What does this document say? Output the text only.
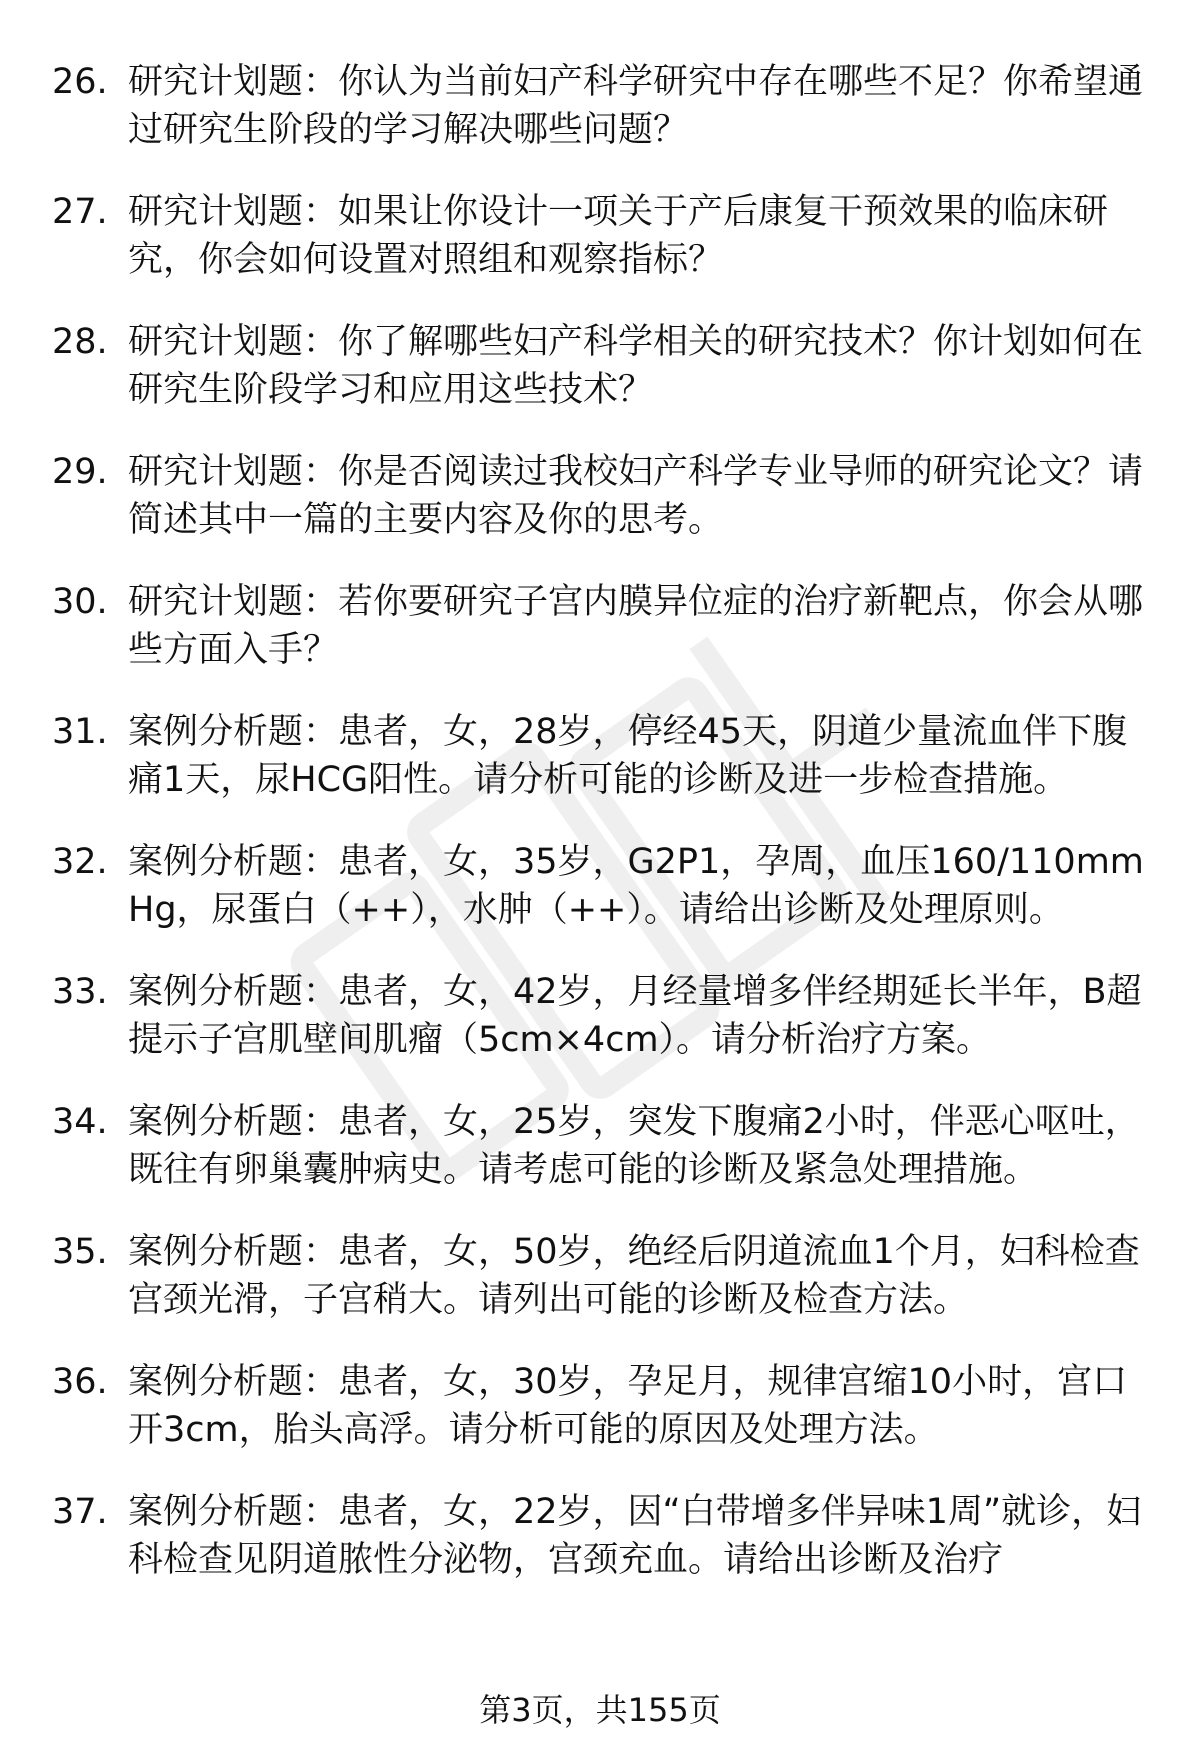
26. 研究计划题：你认为当前妇产科学研究中存在哪些不足？你希望通过研究生阶段的学习解决哪些问题？
27. 研究计划题：如果让你设计一项关于产后康复干预效果的临床研究，你会如何设置对照组和观察指标？
28. 研究计划题：你了解哪些妇产科学相关的研究技术？你计划如何在研究生阶段学习和应用这些技术？
29. 研究计划题：你是否阅读过我校妇产科学专业导师的研究论文？请简述其中一篇的主要内容及你的思考。
30. 研究计划题：若你要研究子宫内膜异位症的治疗新靶点，你会从哪些方面入手？
31. 案例分析题：患者，女，28岁，停经45天，阴道少量流血伴下腹痛1天，尿HCG阳性。请分析可能的诊断及进一步检查措施。
32. 案例分析题：患者，女，35岁，G2P1，孕周，血压160/110mmHg，尿蛋白（++），水肿（++）。请给出诊断及处理原则。
33. 案例分析题：患者，女，42岁，月经量增多伴经期延长半年，B超提示子宫肌壁间肌瘤（5cm×4cm）。请分析治疗方案。
34. 案例分析题：患者，女，25岁，突发下腹痛2小时，伴恶心呕吐，既往有卵巢囊肿病史。请考虑可能的诊断及紧急处理措施。
35. 案例分析题：患者，女，50岁，绝经后阴道流血1个月，妇科检查宫颈光滑，子宫稍大。请列出可能的诊断及检查方法。
36. 案例分析题：患者，女，30岁，孕足月，规律宫缩10小时，宫口开3cm，胎头高浮。请分析可能的原因及处理方法。
37. 案例分析题：患者，女，22岁，因“白带增多伴异味1周”就诊，妇科检查见阴道脓性分泌物，宫颈充血。请给出诊断及治疗
第3页，共155页
